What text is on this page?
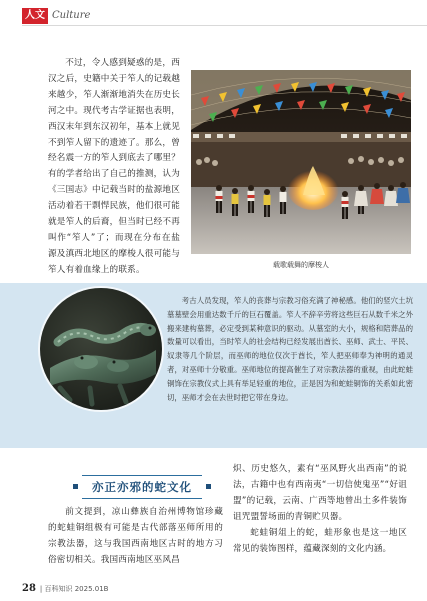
人文 Culture

不过，令人感到疑惑的是，西汉之后，史籍中关于笮人的记载越来越少，笮人渐渐地消失在历史长河之中。现代考古学证据也表明，西汉末年到东汉初年，基本上就见不到笮人留下的遗迹了。那么，曾经名震一方的笮人到底去了哪里？有的学者给出了自己的推测，认为《三国志》中记载当时的盐源地区活动着若干剽悍民族，他们很可能就是笮人的后裔，但当时已经不再叫作“笮人”了；而现在分布在盐源及滇西北地区的摩梭人很可能与笮人有着血缘上的联系。	载歌载舞的摩梭人

考古人员发现，笮人的丧葬与宗教习俗充满了神秘感。他们的竖穴土坑墓墓壁会用重达数千斤的巨石覆盖。笮人不辞辛劳将这些巨石从数千米之外搬来建构墓葬，必定受到某种意识的驱动。从墓室的大小，规格和陪葬品的数量可以看出，当时笮人的社会结构已经发展出酋长、巫师、武士、平民、奴隶等几个阶层，而巫师的地位仅次于酋长，笮人把巫师奉为神明的通灵者，对巫师十分敬重。巫师地位的提高催生了对宗教法器的重视，由此蛇蛙铜饰在宗教仪式上具有举足轻重的地位，正是因为和蛇蛙铜饰的关系如此密切，巫师才会在去世时把它带在身边。

亦正亦邪的蛇文化

前文提到，凉山彝族自治州博物馆珍藏的蛇蛙铜组极有可能是古代部落巫师所用的宗教法器，这与我国西南地区古时的地方习俗密切相关。我国西南地区巫风昌

炽、历史悠久，素有“巫风野火出西南”的说法，古籍中也有西南夷“一切信使鬼巫”“好诅盟”的记载，云南、广西等地曾出土多件装饰诅咒盟誓场面的青铜贮贝器。

蛇蛙铜俎上的蛇，蛙形象也是这一地区常见的装饰图样，蕴藏深刻的文化内涵。

28 | 百科知识 2025.01B
